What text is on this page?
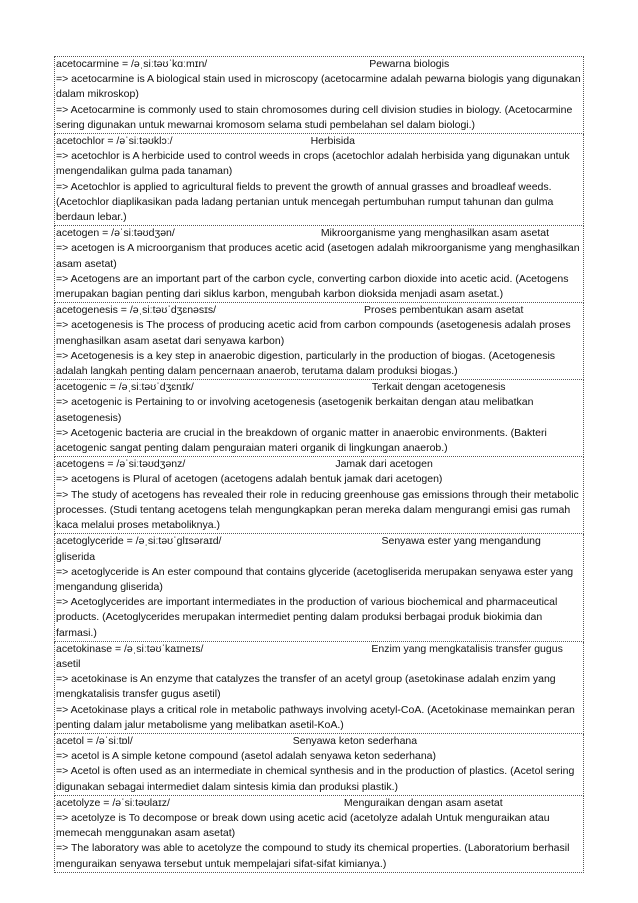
acetocarmine = /əˌsiːtəʊˈkɑːmɪn/	Pewarna biologis

=> acetocarmine is A biological stain used in microscopy (acetocarmine adalah pewarna biologis yang digunakan dalam mikroskop)

=> Acetocarmine is commonly used to stain chromosomes during cell division studies in biology. (Acetocarmine sering digunakan untuk mewarnai kromosom selama studi pembelahan sel dalam biologi.)

acetochlor = /əˈsiːtəʊklɔː/	Herbisida

=> acetochlor is A herbicide used to control weeds in crops (acetochlor adalah herbisida yang digunakan untuk mengendalikan gulma pada tanaman)

=> Acetochlor is applied to agricultural fields to prevent the growth of annual grasses and broadleaf weeds. (Acetochlor diaplikasikan pada ladang pertanian untuk mencegah pertumbuhan rumput tahunan dan gulma berdaun lebar.)

acetogen = /əˈsiːtəʊdʒən/	Mikroorganisme yang menghasilkan asam asetat

=> acetogen is A microorganism that produces acetic acid (asetogen adalah mikroorganisme yang menghasilkan asam asetat)

=> Acetogens are an important part of the carbon cycle, converting carbon dioxide into acetic acid. (Acetogens merupakan bagian penting dari siklus karbon, mengubah karbon dioksida menjadi asam asetat.)

acetogenesis = /əˌsiːtəʊˈdʒɛnəsɪs/	Proses pembentukan asam asetat

=> acetogenesis is The process of producing acetic acid from carbon compounds (asetogenesis adalah proses menghasilkan asam asetat dari senyawa karbon)

=> Acetogenesis is a key step in anaerobic digestion, particularly in the production of biogas. (Acetogenesis adalah langkah penting dalam pencernaan anaerob, terutama dalam produksi biogas.)

acetogenic = /əˌsiːtəʊˈdʒɛnɪk/	Terkait dengan acetogenesis

=> acetogenic is Pertaining to or involving acetogenesis (asetogenik berkaitan dengan atau melibatkan asetogenesis)

=> Acetogenic bacteria are crucial in the breakdown of organic matter in anaerobic environments. (Bakteri acetogenic sangat penting dalam penguraian materi organik di lingkungan anaerob.)

acetogens = /əˈsiːtəʊdʒənz/	Jamak dari acetogen

=> acetogens is Plural of acetogen (acetogens adalah bentuk jamak dari acetogen)

=> The study of acetogens has revealed their role in reducing greenhouse gas emissions through their metabolic processes. (Studi tentang acetogens telah mengungkapkan peran mereka dalam mengurangi emisi gas rumah kaca melalui proses metaboliknya.)

acetoglyceride = /əˌsiːtəʊˈɡlɪsəraɪd/	Senyawa ester yang mengandung gliserida

=> acetoglyceride is An ester compound that contains glyceride (acetogliserida merupakan senyawa ester yang mengandung gliserida)

=> Acetoglycerides are important intermediates in the production of various biochemical and pharmaceutical products. (Acetoglycerides merupakan intermediet penting dalam produksi berbagai produk biokimia dan farmasi.)

acetokinase = /əˌsiːtəʊˈkaɪneɪs/	Enzim yang mengkatalisis transfer gugus asetil

=> acetokinase is An enzyme that catalyzes the transfer of an acetyl group (asetokinase adalah enzim yang mengkatalisis transfer gugus asetil)

=> Acetokinase plays a critical role in metabolic pathways involving acetyl-CoA. (Acetokinase memainkan peran penting dalam jalur metabolisme yang melibatkan asetil-KoA.)

acetol = /əˈsiːtɒl/	Senyawa keton sederhana

=> acetol is A simple ketone compound (asetol adalah senyawa keton sederhana)

=> Acetol is often used as an intermediate in chemical synthesis and in the production of plastics. (Acetol sering digunakan sebagai intermediet dalam sintesis kimia dan produksi plastik.)

acetolyze = /əˈsiːtəʊlaɪz/	Menguraikan dengan asam asetat

=> acetolyze is To decompose or break down using acetic acid (acetolyze adalah Untuk menguraikan atau memecah menggunakan asam asetat)

=> The laboratory was able to acetolyze the compound to study its chemical properties. (Laboratorium berhasil menguraikan senyawa tersebut untuk mempelajari sifat-sifat kimianya.)
